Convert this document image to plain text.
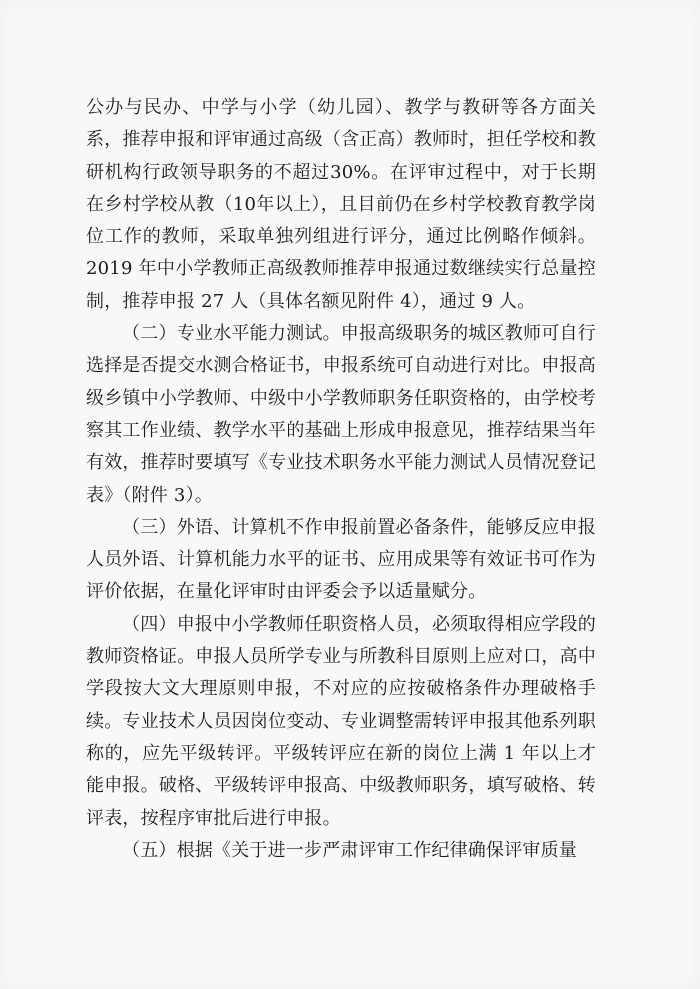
公办与民办、中学与小学（幼儿园）、教学与教研等各方面关系，推荐申报和评审通过高级（含正高）教师时，担任学校和教研机构行政领导职务的不超过30%。在评审过程中，对于长期在乡村学校从教（10年以上），且目前仍在乡村学校教育教学岗位工作的教师，采取单独列组进行评分，通过比例略作倾斜。2019 年中小学教师正高级教师推荐申报通过数继续实行总量控制，推荐申报 27 人（具体名额见附件 4），通过 9 人。

（二）专业水平能力测试。申报高级职务的城区教师可自行选择是否提交水测合格证书，申报系统可自动进行对比。申报高级乡镇中小学教师、中级中小学教师职务任职资格的，由学校考察其工作业绩、教学水平的基础上形成申报意见，推荐结果当年有效，推荐时要填写《专业技术职务水平能力测试人员情况登记表》（附件 3）。

（三）外语、计算机不作申报前置必备条件，能够反应申报人员外语、计算机能力水平的证书、应用成果等有效证书可作为评价依据，在量化评审时由评委会予以适量赋分。

（四）申报中小学教师任职资格人员，必须取得相应学段的教师资格证。申报人员所学专业与所教科目原则上应对口，高中学段按大文大理原则申报，不对应的应按破格条件办理破格手续。专业技术人员因岗位变动、专业调整需转评申报其他系列职称的，应先平级转评。平级转评应在新的岗位上满 1 年以上才能申报。破格、平级转评申报高、中级教师职务，填写破格、转评表，按程序审批后进行申报。

（五）根据《关于进一步严肃评审工作纪律确保评审质量
